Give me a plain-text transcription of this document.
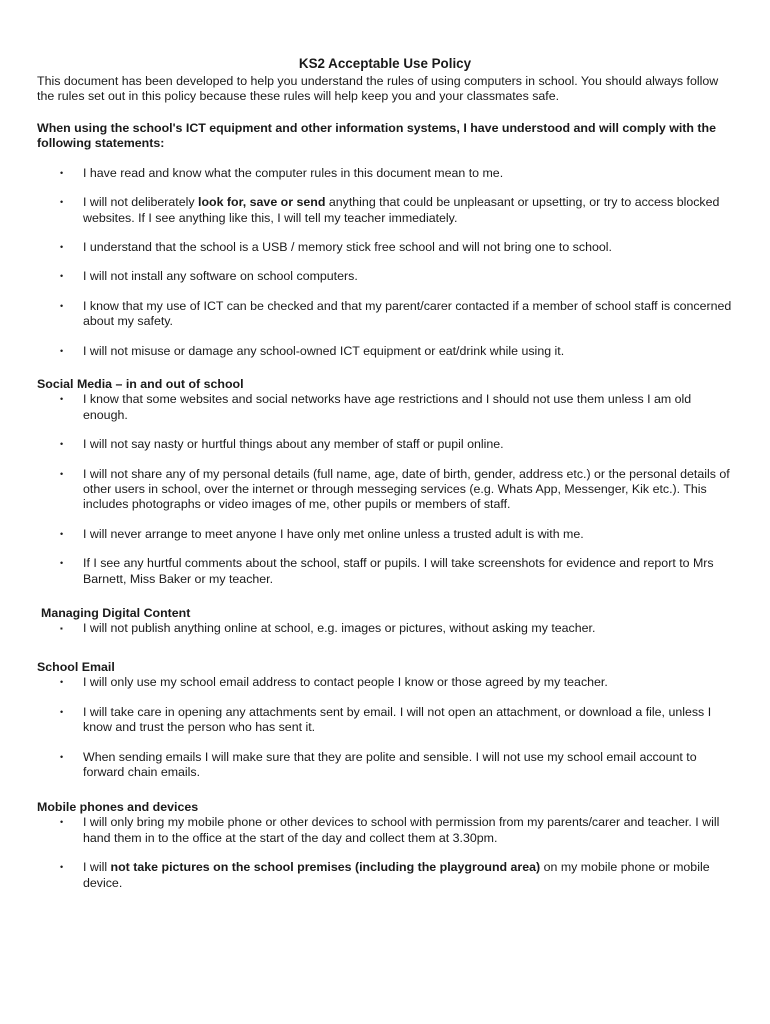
KS2 Acceptable Use Policy
This document has been developed to help you understand the rules of using computers in school. You should always follow the rules set out in this policy because these rules will help keep you and your classmates safe.
When using the school's ICT equipment and other information systems, I have understood and will comply with the following statements:
• I have read and know what the computer rules in this document mean to me.
• I will not deliberately look for, save or send anything that could be unpleasant or upsetting, or try to access blocked websites. If I see anything like this, I will tell my teacher immediately.
• I understand that the school is a USB / memory stick free school and will not bring one to school.
• I will not install any software on school computers.
• I know that my use of ICT can be checked and that my parent/carer contacted if a member of school staff is concerned about my safety.
• I will not misuse or damage any school-owned ICT equipment or eat/drink while using it.
Social Media – in and out of school
• I know that some websites and social networks have age restrictions and I should not use them unless I am old enough.
• I will not say nasty or hurtful things about any member of staff or pupil online.
• I will not share any of my personal details (full name, age, date of birth, gender, address etc.) or the personal details of other users in school, over the internet or through messeging services (e.g. Whats App, Messenger, Kik etc.). This includes photographs or video images of me, other pupils or members of staff.
• I will never arrange to meet anyone I have only met online unless a trusted adult is with me.
• If I see any hurtful comments about the school, staff or pupils. I will take screenshots for evidence and report to Mrs Barnett, Miss Baker or my teacher.
Managing Digital Content
▪ I will not publish anything online at school, e.g. images or pictures, without asking my teacher.
School Email
• I will only use my school email address to contact people I know or those agreed by my teacher.
• I will take care in opening any attachments sent by email. I will not open an attachment, or download a file, unless I know and trust the person who has sent it.
• When sending emails I will make sure that they are polite and sensible. I will not use my school email account to forward chain emails.
Mobile phones and devices
• I will only bring my mobile phone or other devices to school with permission from my parents/carer and teacher. I will hand them in to the office at the start of the day and collect them at 3.30pm.
• I will not take pictures on the school premises (including the playground area) on my mobile phone or mobile device.
